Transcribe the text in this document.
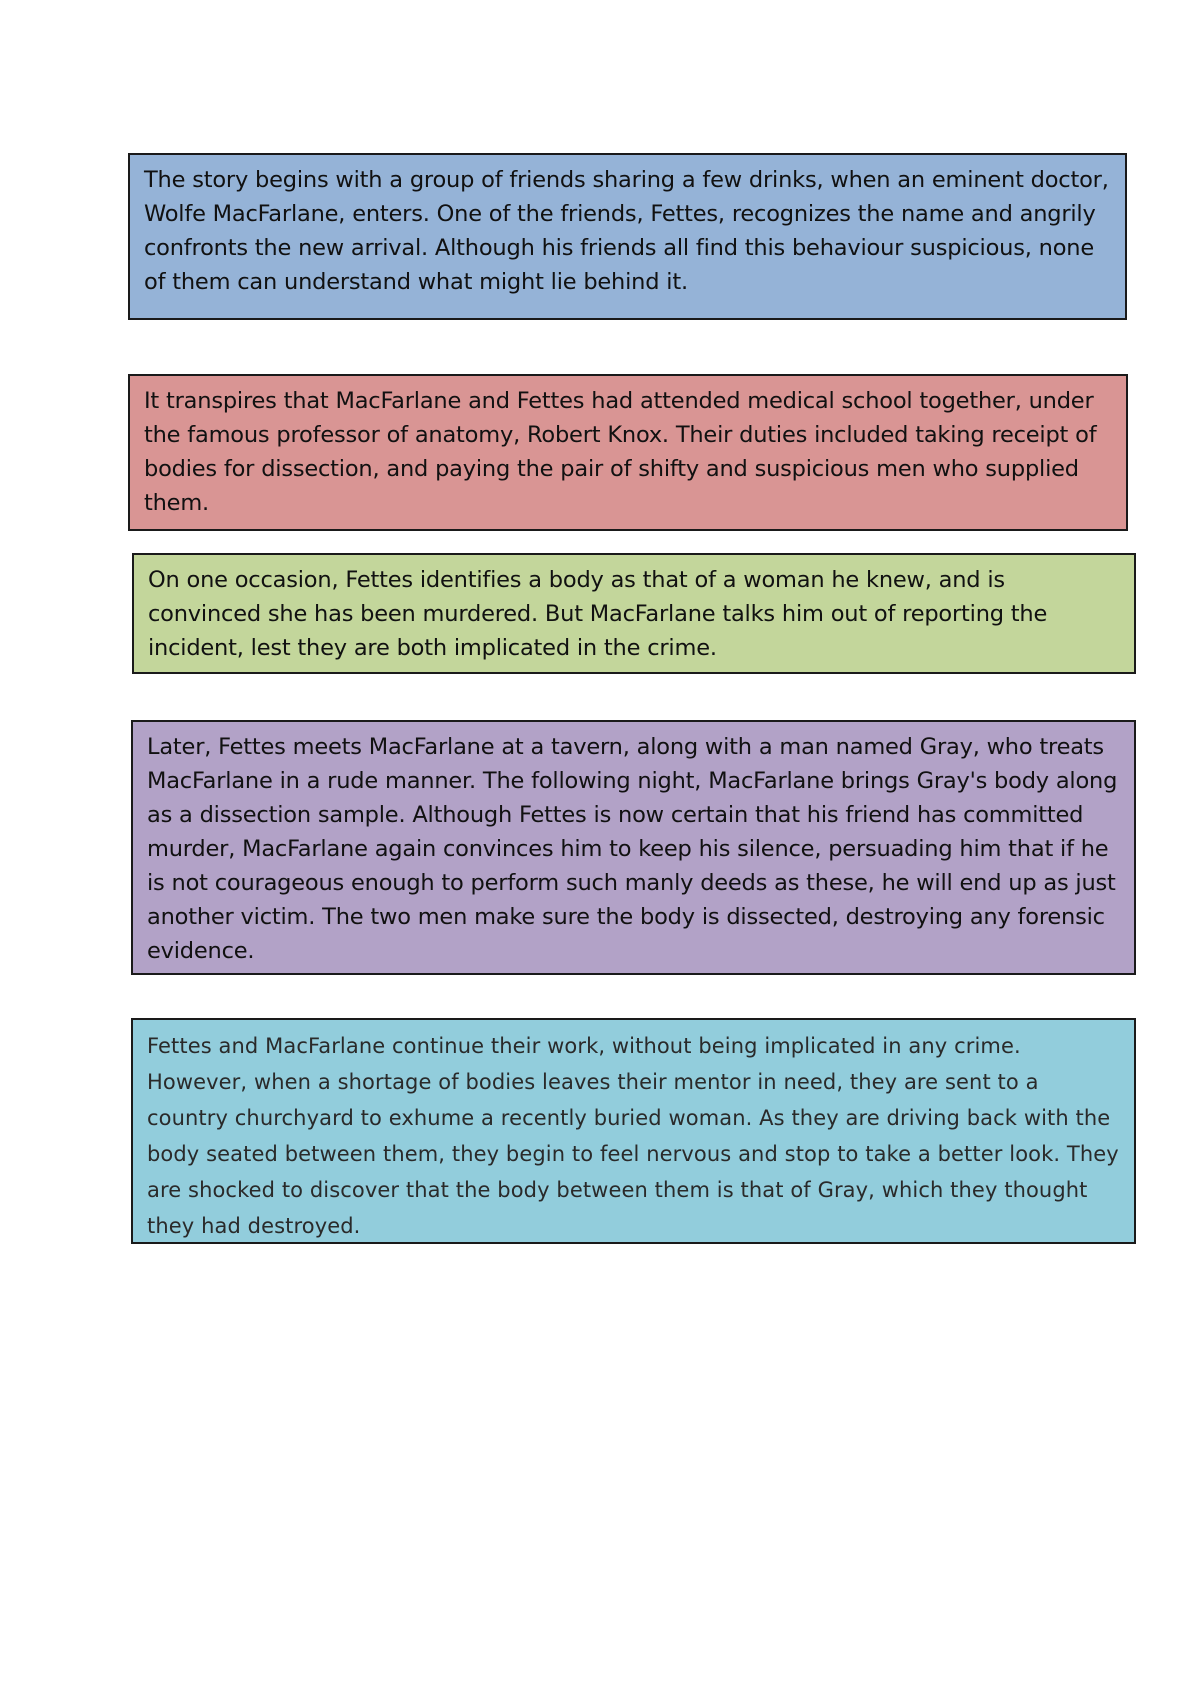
The story begins with a group of friends sharing a few drinks, when an eminent doctor, Wolfe MacFarlane, enters. One of the friends, Fettes, recognizes the name and angrily confronts the new arrival. Although his friends all find this behaviour suspicious, none of them can understand what might lie behind it.

It transpires that MacFarlane and Fettes had attended medical school together, under the famous professor of anatomy, Robert Knox. Their duties included taking receipt of bodies for dissection, and paying the pair of shifty and suspicious men who supplied them.

On one occasion, Fettes identifies a body as that of a woman he knew, and is convinced she has been murdered. But MacFarlane talks him out of reporting the incident, lest they are both implicated in the crime.

Later, Fettes meets MacFarlane at a tavern, along with a man named Gray, who treats MacFarlane in a rude manner. The following night, MacFarlane brings Gray's body along as a dissection sample. Although Fettes is now certain that his friend has committed murder, MacFarlane again convinces him to keep his silence, persuading him that if he is not courageous enough to perform such manly deeds as these, he will end up as just another victim. The two men make sure the body is dissected, destroying any forensic evidence.

Fettes and MacFarlane continue their work, without being implicated in any crime. However, when a shortage of bodies leaves their mentor in need, they are sent to a country churchyard to exhume a recently buried woman. As they are driving back with the body seated between them, they begin to feel nervous and stop to take a better look. They are shocked to discover that the body between them is that of Gray, which they thought they had destroyed.
